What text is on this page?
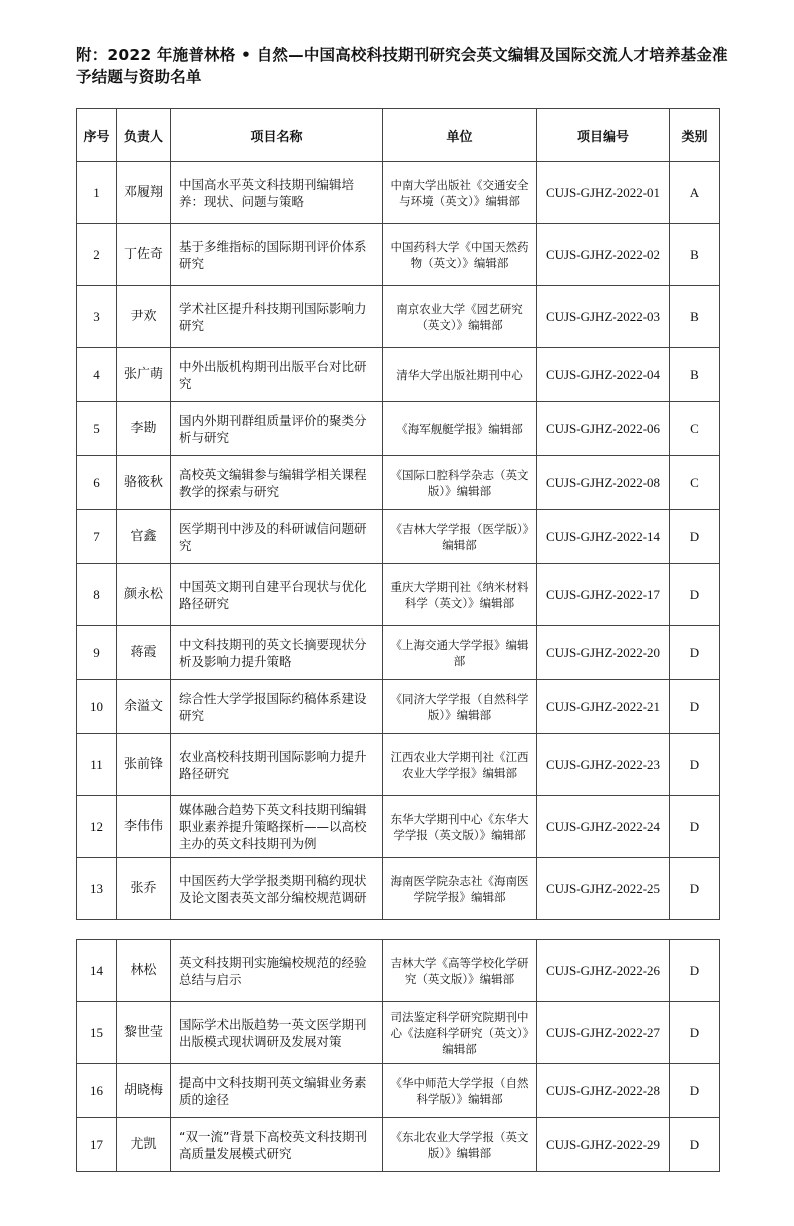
附：2022 年施普林格 • 自然—中国高校科技期刊研究会英文编辑及国际交流人才培养基金准予结题与资助名单
序号	负责人	项目名称	单位	项目编号	类别
1	邓履翔	中国高水平英文科技期刊编辑培养：现状、问题与策略	中南大学出版社《交通安全与环境（英文）》编辑部	CUJS-GJHZ-2022-01	A
2	丁佐奇	基于多维指标的国际期刊评价体系研究	中国药科大学《中国天然药物（英文）》编辑部	CUJS-GJHZ-2022-02	B
3	尹欢	学术社区提升科技期刊国际影响力研究	南京农业大学《园艺研究（英文）》编辑部	CUJS-GJHZ-2022-03	B
4	张广萌	中外出版机构期刊出版平台对比研究	清华大学出版社期刊中心	CUJS-GJHZ-2022-04	B
5	李勘	国内外期刊群组质量评价的聚类分析与研究	《海军舰艇学报》编辑部	CUJS-GJHZ-2022-06	C
6	骆筱秋	高校英文编辑参与编辑学相关课程教学的探索与研究	《国际口腔科学杂志（英文版）》编辑部	CUJS-GJHZ-2022-08	C
7	官鑫	医学期刊中涉及的科研诚信问题研究	《吉林大学学报（医学版）》编辑部	CUJS-GJHZ-2022-14	D
8	颜永松	中国英文期刊自建平台现状与优化路径研究	重庆大学期刊社《纳米材料科学（英文）》编辑部	CUJS-GJHZ-2022-17	D
9	蒋霞	中文科技期刊的英文长摘要现状分析及影响力提升策略	《上海交通大学学报》编辑部	CUJS-GJHZ-2022-20	D
10	余溢文	综合性大学学报国际约稿体系建设研究	《同济大学学报（自然科学版）》编辑部	CUJS-GJHZ-2022-21	D
11	张前锋	农业高校科技期刊国际影响力提升路径研究	江西农业大学期刊社《江西农业大学学报》编辑部	CUJS-GJHZ-2022-23	D
12	李伟伟	媒体融合趋势下英文科技期刊编辑职业素养提升策略探析——以高校主办的英文科技期刊为例	东华大学期刊中心《东华大学学报（英文版）》编辑部	CUJS-GJHZ-2022-24	D
13	张乔	中国医药大学学报类期刊稿约现状及论文图表英文部分编校规范调研	海南医学院杂志社《海南医学院学报》编辑部	CUJS-GJHZ-2022-25	D
14	林松	英文科技期刊实施编校规范的经验总结与启示	吉林大学《高等学校化学研究（英文版）》编辑部	CUJS-GJHZ-2022-26	D
15	黎世莹	国际学术出版趋势一英文医学期刊出版模式现状调研及发展对策	司法鉴定科学研究院期刊中心《法庭科学研究（英文）》编辑部	CUJS-GJHZ-2022-27	D
16	胡晓梅	提高中文科技期刊英文编辑业务素质的途径	《华中师范大学学报（自然科学版）》编辑部	CUJS-GJHZ-2022-28	D
17	尤凯	“双一流”背景下高校英文科技期刊高质量发展模式研究	《东北农业大学学报（英文版）》编辑部	CUJS-GJHZ-2022-29	D
